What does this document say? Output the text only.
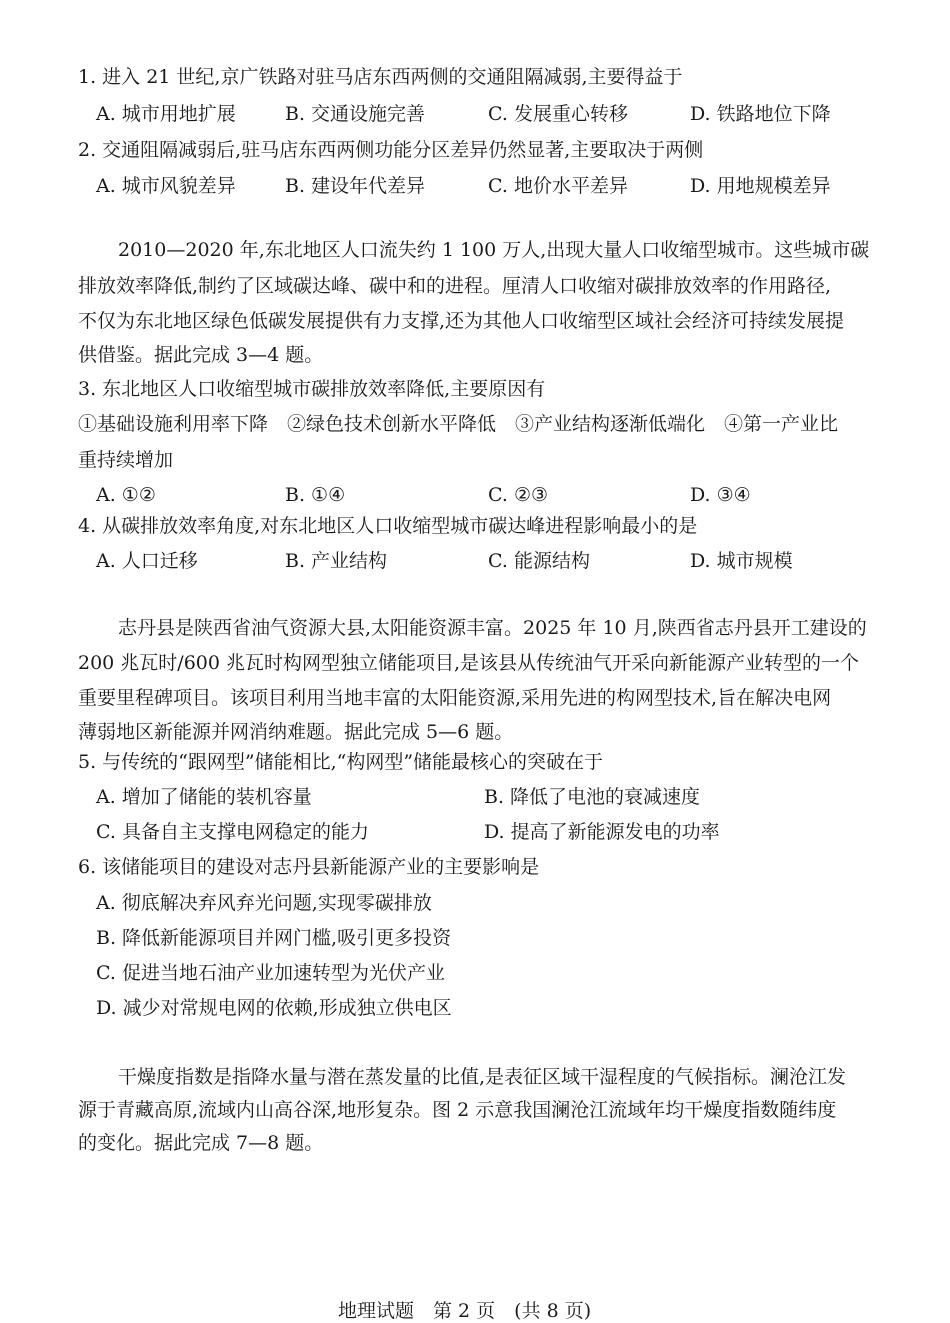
1. 进入 21 世纪,京广铁路对驻马店东西两侧的交通阻隔减弱,主要得益于
A. 城市用地扩展	B. 交通设施完善	C. 发展重心转移	D. 铁路地位下降
2. 交通阻隔减弱后,驻马店东西两侧功能分区差异仍然显著,主要取决于两侧
A. 城市风貌差异	B. 建设年代差异	C. 地价水平差异	D. 用地规模差异
2010—2020 年,东北地区人口流失约 1 100 万人,出现大量人口收缩型城市。这些城市碳
排放效率降低,制约了区域碳达峰、碳中和的进程。厘清人口收缩对碳排放效率的作用路径,
不仅为东北地区绿色低碳发展提供有力支撑,还为其他人口收缩型区域社会经济可持续发展提
供借鉴。据此完成 3—4 题。
3. 东北地区人口收缩型城市碳排放效率降低,主要原因有
①基础设施利用率下降　②绿色技术创新水平降低　③产业结构逐渐低端化　④第一产业比
重持续增加
A. ①②	B. ①④	C. ②③	D. ③④
4. 从碳排放效率角度,对东北地区人口收缩型城市碳达峰进程影响最小的是
A. 人口迁移	B. 产业结构	C. 能源结构	D. 城市规模
志丹县是陕西省油气资源大县,太阳能资源丰富。2025 年 10 月,陕西省志丹县开工建设的
200 兆瓦时/600 兆瓦时构网型独立储能项目,是该县从传统油气开采向新能源产业转型的一个
重要里程碑项目。该项目利用当地丰富的太阳能资源,采用先进的构网型技术,旨在解决电网
薄弱地区新能源并网消纳难题。据此完成 5—6 题。
5. 与传统的“跟网型”储能相比,“构网型”储能最核心的突破在于
A. 增加了储能的装机容量	B. 降低了电池的衰减速度
C. 具备自主支撑电网稳定的能力	D. 提高了新能源发电的功率
6. 该储能项目的建设对志丹县新能源产业的主要影响是
A. 彻底解决弃风弃光问题,实现零碳排放
B. 降低新能源项目并网门槛,吸引更多投资
C. 促进当地石油产业加速转型为光伏产业
D. 减少对常规电网的依赖,形成独立供电区
干燥度指数是指降水量与潜在蒸发量的比值,是表征区域干湿程度的气候指标。澜沧江发
源于青藏高原,流域内山高谷深,地形复杂。图 2 示意我国澜沧江流域年均干燥度指数随纬度
的变化。据此完成 7—8 题。
地理试题　第 2 页　(共 8 页)
